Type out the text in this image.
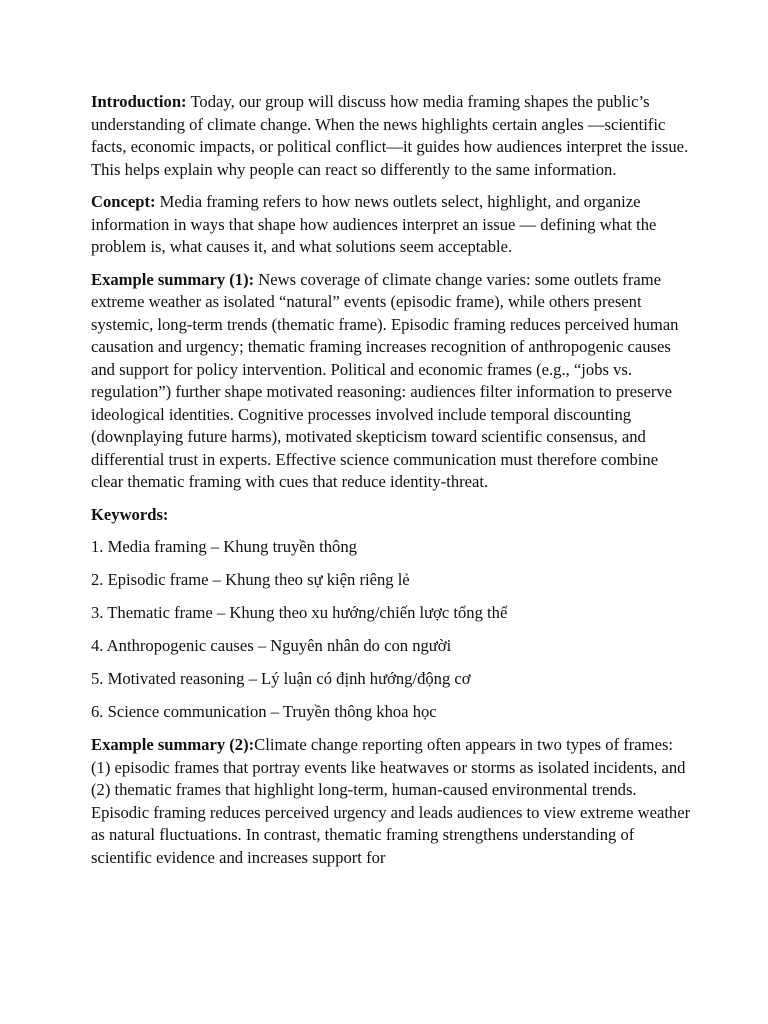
Introduction: Today, our group will discuss how media framing shapes the public’s understanding of climate change. When the news highlights certain angles —scientific facts, economic impacts, or political conflict—it guides how audiences interpret the issue. This helps explain why people can react so differently to the same information.

Concept: Media framing refers to how news outlets select, highlight, and organize information in ways that shape how audiences interpret an issue — defining what the problem is, what causes it, and what solutions seem acceptable.

Example summary (1): News coverage of climate change varies: some outlets frame extreme weather as isolated “natural” events (episodic frame), while others present systemic, long-term trends (thematic frame). Episodic framing reduces perceived human causation and urgency; thematic framing increases recognition of anthropogenic causes and support for policy intervention. Political and economic frames (e.g., “jobs vs. regulation”) further shape motivated reasoning: audiences filter information to preserve ideological identities. Cognitive processes involved include temporal discounting (downplaying future harms), motivated skepticism toward scientific consensus, and differential trust in experts. Effective science communication must therefore combine clear thematic framing with cues that reduce identity-threat.

Keywords:

1. Media framing – Khung truyền thông

2. Episodic frame – Khung theo sự kiện riêng lẻ

3. Thematic frame – Khung theo xu hướng/chiến lược tổng thể

4. Anthropogenic causes – Nguyên nhân do con người

5. Motivated reasoning – Lý luận có định hướng/động cơ

6. Science communication – Truyền thông khoa học

Example summary (2):Climate change reporting often appears in two types of frames: (1) episodic frames that portray events like heatwaves or storms as isolated incidents, and (2) thematic frames that highlight long-term, human-caused environmental trends. Episodic framing reduces perceived urgency and leads audiences to view extreme weather as natural fluctuations. In contrast, thematic framing strengthens understanding of scientific evidence and increases support for
